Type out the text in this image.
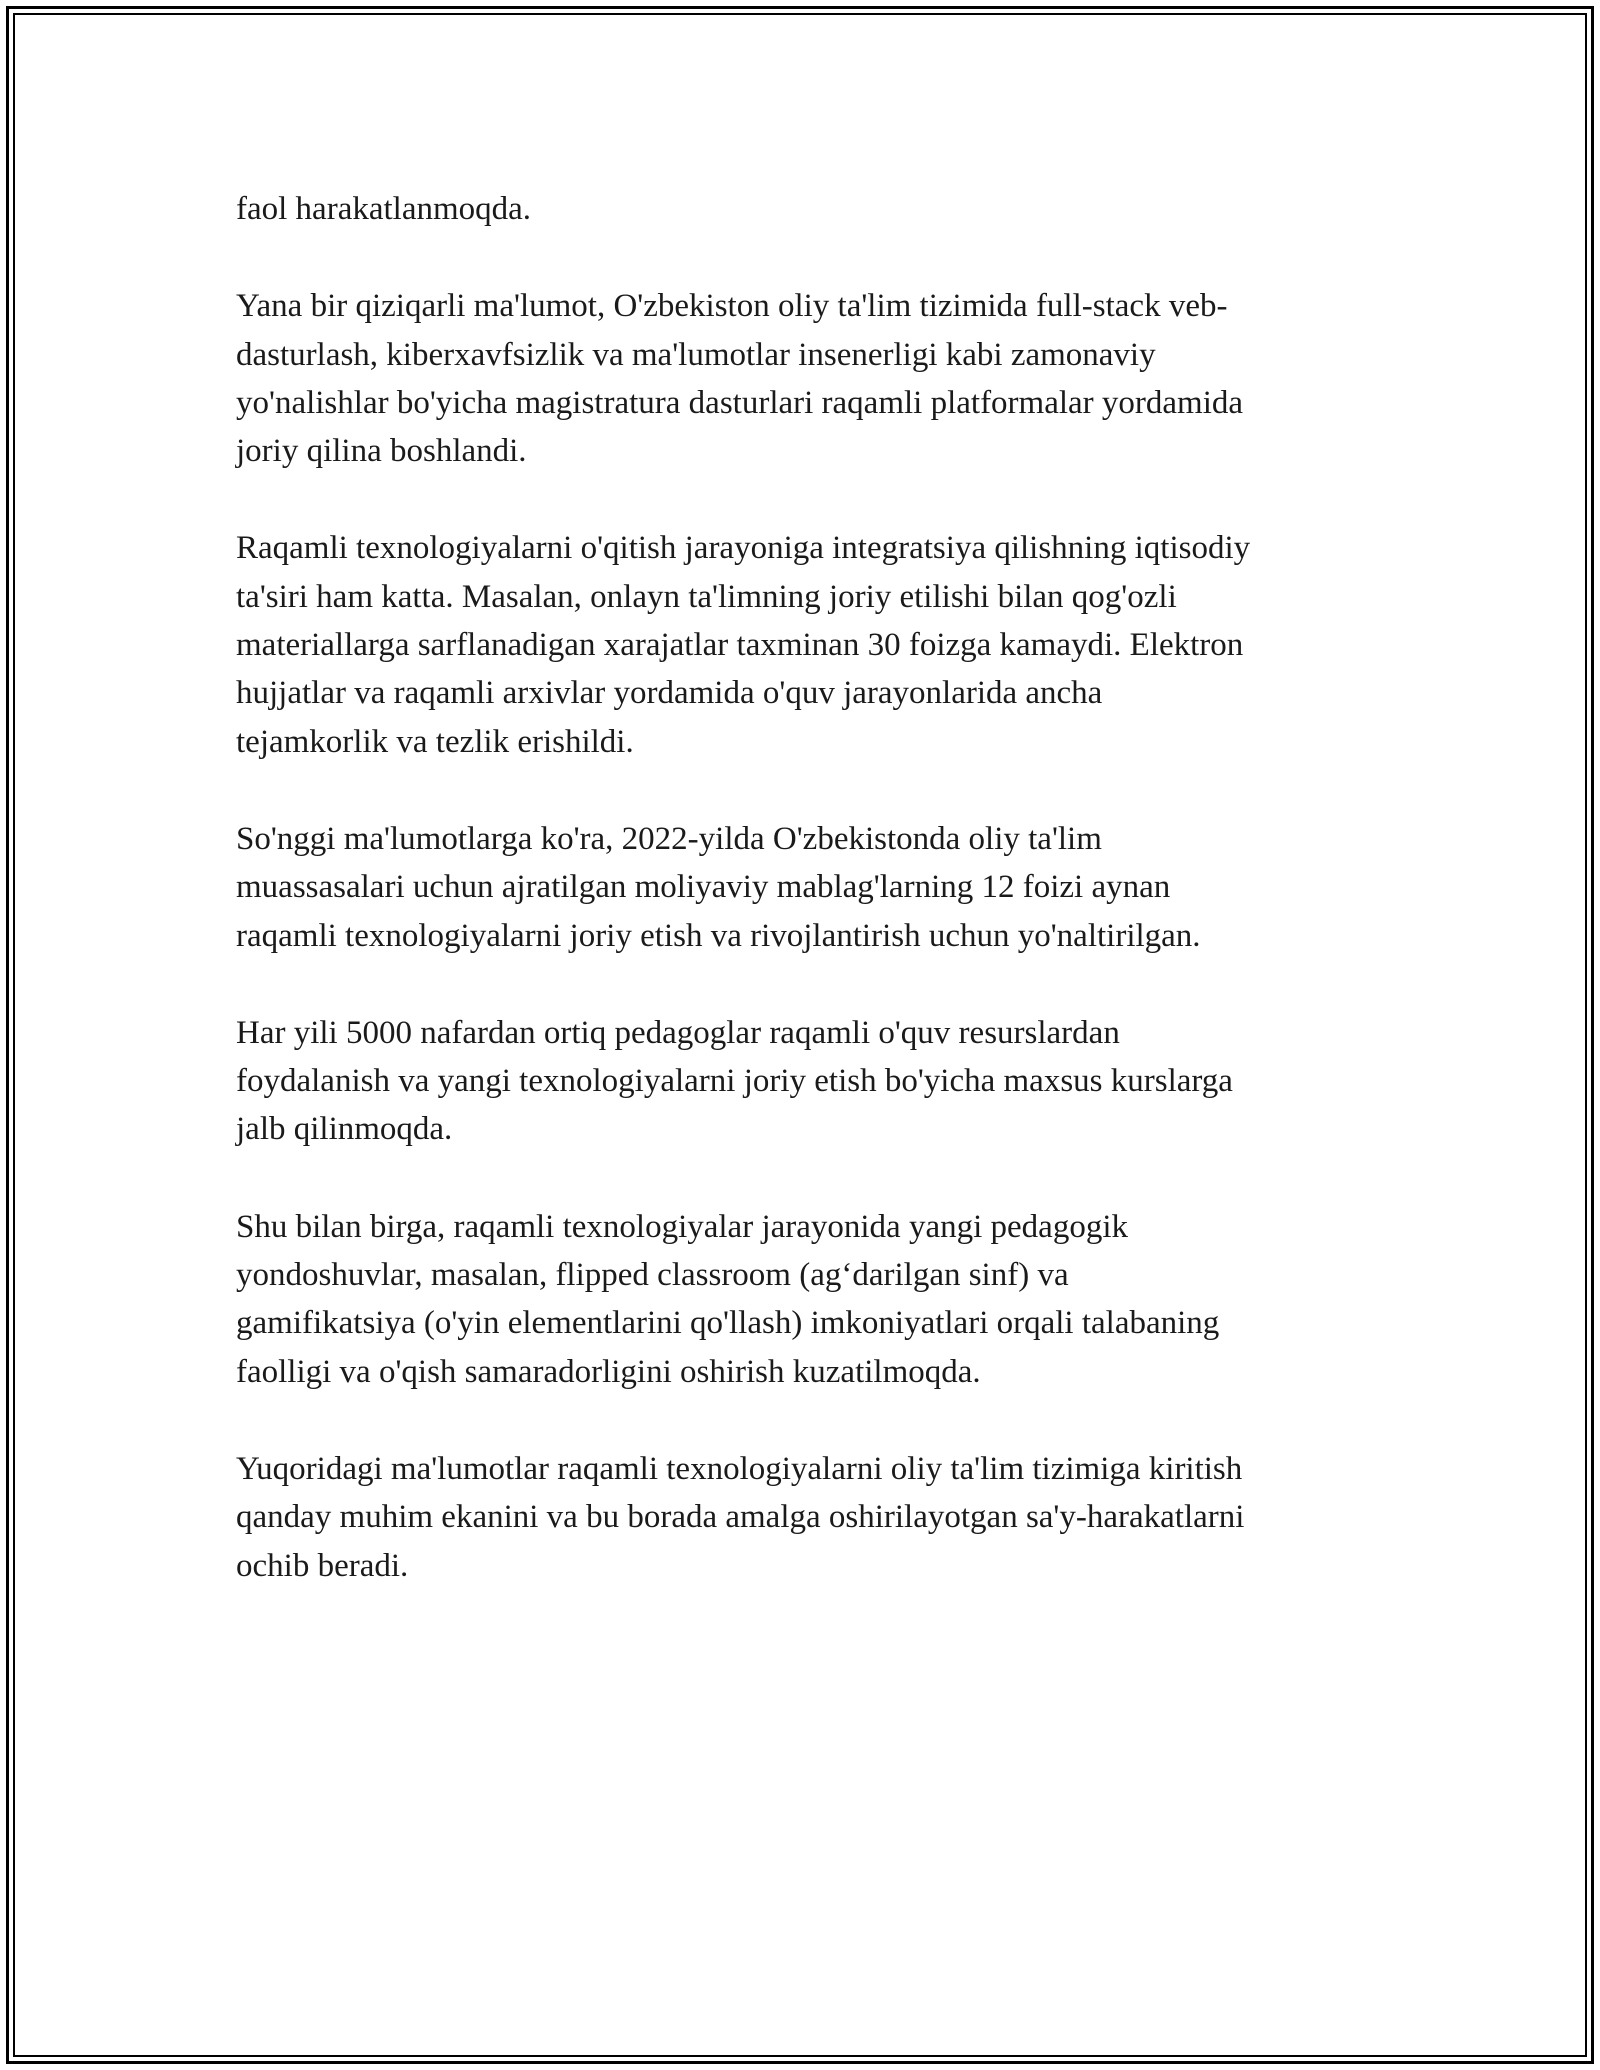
faol harakatlanmoqda.

Yana bir qiziqarli ma'lumot, O'zbekiston oliy ta'lim tizimida full-stack veb-
dasturlash, kiberxavfsizlik va ma'lumotlar insenerligi kabi zamonaviy
yo'nalishlar bo'yicha magistratura dasturlari raqamli platformalar yordamida
joriy qilina boshlandi.

Raqamli texnologiyalarni o'qitish jarayoniga integratsiya qilishning iqtisodiy
ta'siri ham katta. Masalan, onlayn ta'limning joriy etilishi bilan qog'ozli
materiallarga sarflanadigan xarajatlar taxminan 30 foizga kamaydi. Elektron
hujjatlar va raqamli arxivlar yordamida o'quv jarayonlarida ancha
tejamkorlik va tezlik erishildi.

So'nggi ma'lumotlarga ko'ra, 2022-yilda O'zbekistonda oliy ta'lim
muassasalari uchun ajratilgan moliyaviy mablag'larning 12 foizi aynan
raqamli texnologiyalarni joriy etish va rivojlantirish uchun yo'naltirilgan.

Har yili 5000 nafardan ortiq pedagoglar raqamli o'quv resurslardan
foydalanish va yangi texnologiyalarni joriy etish bo'yicha maxsus kurslarga
jalb qilinmoqda.

Shu bilan birga, raqamli texnologiyalar jarayonida yangi pedagogik
yondoshuvlar, masalan, flipped classroom (ag‘darilgan sinf) va
gamifikatsiya (o'yin elementlarini qo'llash) imkoniyatlari orqali talabaning
faolligi va o'qish samaradorligini oshirish kuzatilmoqda.

Yuqoridagi ma'lumotlar raqamli texnologiyalarni oliy ta'lim tizimiga kiritish
qanday muhim ekanini va bu borada amalga oshirilayotgan sa'y-harakatlarni
ochib beradi.
